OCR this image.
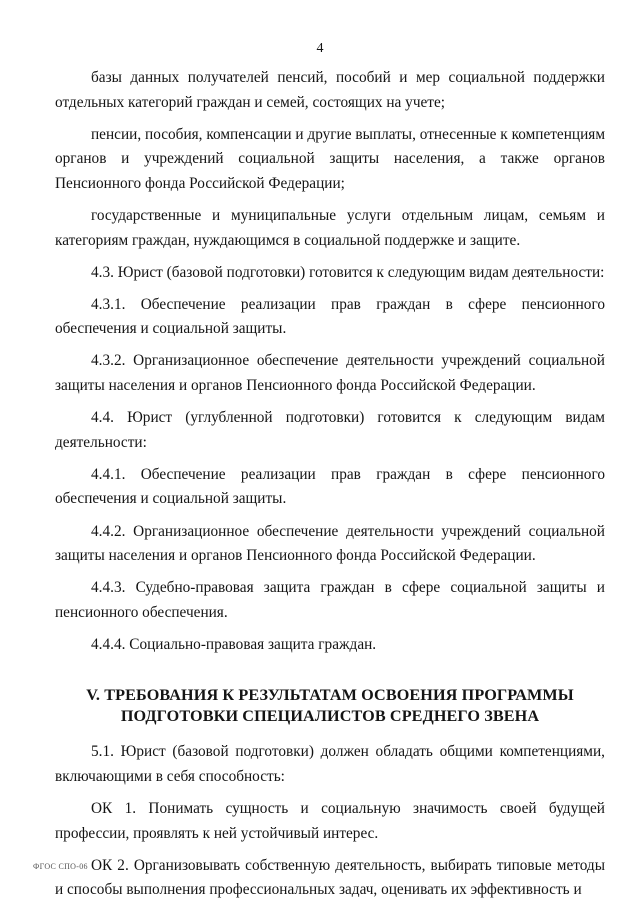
4

базы данных получателей пенсий, пособий и мер социальной поддержки отдельных категорий граждан и семей, состоящих на учете;

пенсии, пособия, компенсации и другие выплаты, отнесенные к компетенциям органов и учреждений социальной защиты населения, а также органов Пенсионного фонда Российской Федерации;

государственные и муниципальные услуги отдельным лицам, семьям и категориям граждан, нуждающимся в социальной поддержке и защите.

4.3. Юрист (базовой подготовки) готовится к следующим видам деятельности:

4.3.1. Обеспечение реализации прав граждан в сфере пенсионного обеспечения и социальной защиты.

4.3.2. Организационное обеспечение деятельности учреждений социальной защиты населения и органов Пенсионного фонда Российской Федерации.

4.4. Юрист (углубленной подготовки) готовится к следующим видам деятельности:

4.4.1. Обеспечение реализации прав граждан в сфере пенсионного обеспечения и социальной защиты.

4.4.2. Организационное обеспечение деятельности учреждений социальной защиты населения и органов Пенсионного фонда Российской Федерации.

4.4.3. Судебно-правовая защита граждан в сфере социальной защиты и пенсионного обеспечения.

4.4.4. Социально-правовая защита граждан.

V. ТРЕБОВАНИЯ К РЕЗУЛЬТАТАМ ОСВОЕНИЯ ПРОГРАММЫ
ПОДГОТОВКИ СПЕЦИАЛИСТОВ СРЕДНЕГО ЗВЕНА

5.1. Юрист (базовой подготовки) должен обладать общими компетенциями, включающими в себя способность:

ОК 1. Понимать сущность и социальную значимость своей будущей профессии, проявлять к ней устойчивый интерес.

ОК 2. Организовывать собственную деятельность, выбирать типовые методы и способы выполнения профессиональных задач, оценивать их эффективность и

ФГОС СПО-06
